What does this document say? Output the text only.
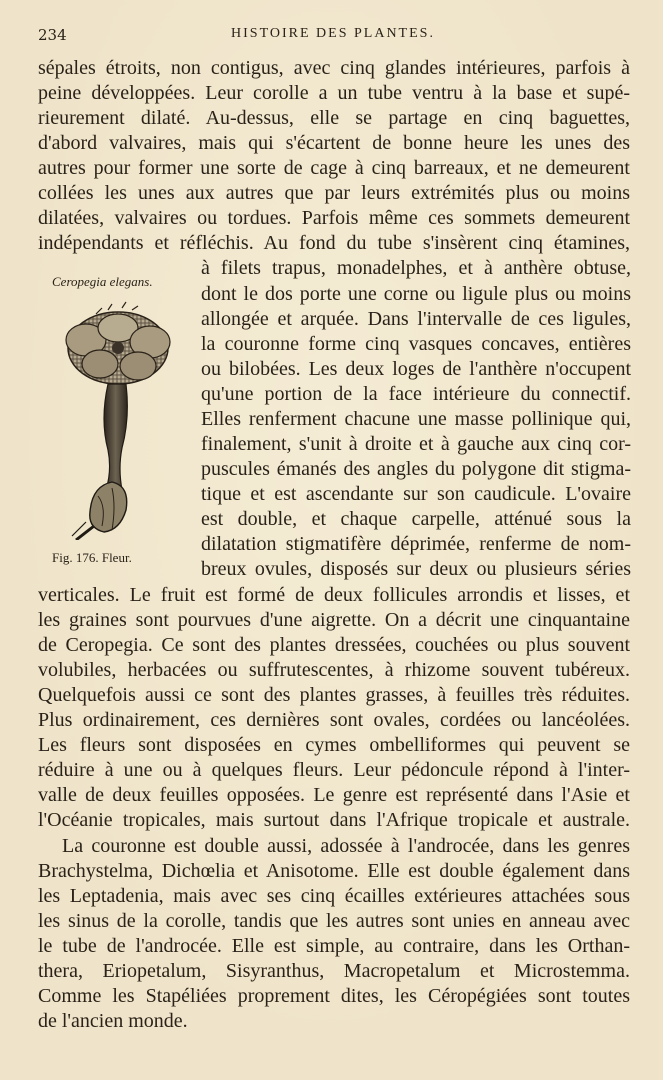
234	HISTOIRE DES PLANTES.
sépales étroits, non contigus, avec cinq glandes intérieures, parfois à
peine développées. Leur corolle a un tube ventru à la base et supé-
rieurement dilaté. Au-dessus, elle se partage en cinq baguettes,
d'abord valvaires, mais qui s'écartent de bonne heure les unes des
autres pour former une sorte de cage à cinq barreaux, et ne demeurent
collées les unes aux autres que par leurs extrémités plus ou moins
dilatées, valvaires ou tordues. Parfois même ces sommets demeurent
indépendants et réfléchis. Au fond du tube s'insèrent cinq étamines,
à filets trapus, monadelphes, et à anthère obtuse,
dont le dos porte une corne ou ligule plus ou moins
allongée et arquée. Dans l'intervalle de ces ligules,
la couronne forme cinq vasques concaves, entières
ou bilobées. Les deux loges de l'anthère n'occupent
qu'une portion de la face intérieure du connectif.
Elles renferment chacune une masse pollinique qui,
finalement, s'unit à droite et à gauche aux cinq cor-
puscules émanés des angles du polygone dit stigma-
tique et est ascendante sur son caudicule. L'ovaire
est double, et chaque carpelle, atténué sous la
dilatation stigmatifère déprimée, renferme de nom-
breux ovules, disposés sur deux ou plusieurs séries
verticales. Le fruit est formé de deux follicules arrondis et lisses, et
les graines sont pourvues d'une aigrette. On a décrit une cinquantaine
de Ceropegia. Ce sont des plantes dressées, couchées ou plus souvent
volubiles, herbacées ou suffrutescentes, à rhizome souvent tubéreux.
Quelquefois aussi ce sont des plantes grasses, à feuilles très réduites.
Plus ordinairement, ces dernières sont ovales, cordées ou lancéolées.
Les fleurs sont disposées en cymes ombelliformes qui peuvent se
réduire à une ou à quelques fleurs. Leur pédoncule répond à l'inter-
valle de deux feuilles opposées. Le genre est représenté dans l'Asie et
l'Océanie tropicales, mais surtout dans l'Afrique tropicale et australe.
La couronne est double aussi, adossée à l'androcée, dans les genres
Brachystelma, Dichœlia et Anisotome. Elle est double également dans
les Leptadenia, mais avec ses cinq écailles extérieures attachées sous
les sinus de la corolle, tandis que les autres sont unies en anneau avec
le tube de l'androcée. Elle est simple, au contraire, dans les Orthan-
thera, Eriopetalum, Sisyranthus, Macropetalum et Microstemma.
Comme les Stapéliées proprement dites, les Céropégiées sont toutes
de l'ancien monde.
Ceropegia elegans.
Fig. 176. Fleur.
